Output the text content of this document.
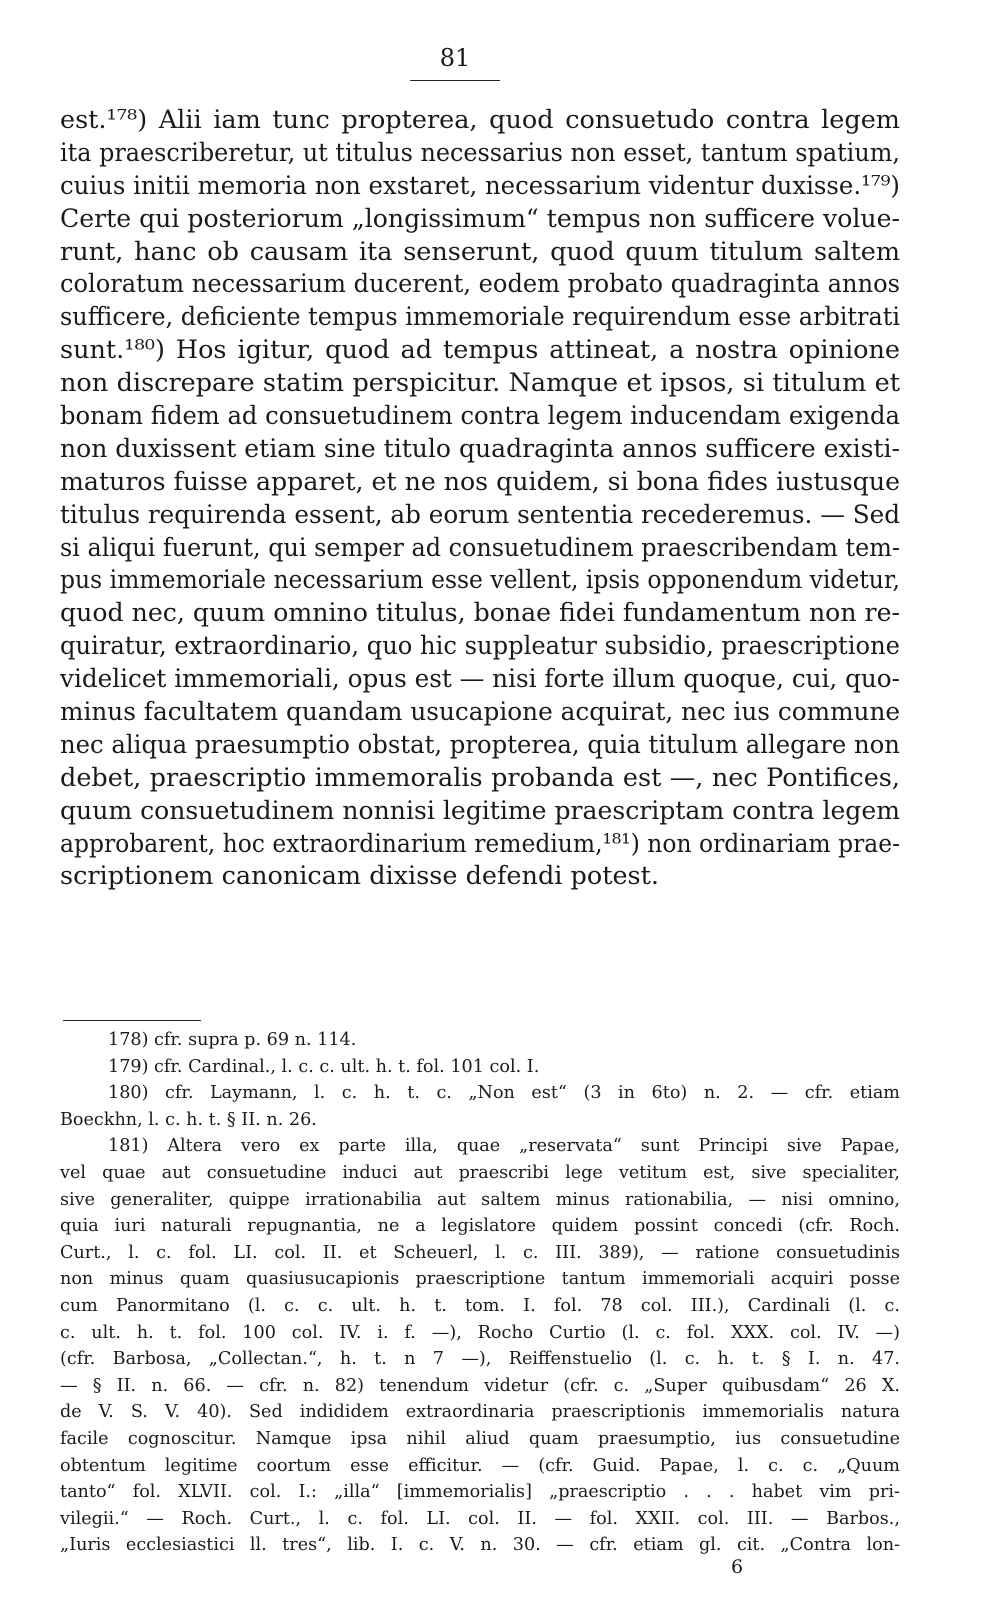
81
est.¹⁷⁸) Alii iam tunc propterea, quod consuetudo contra legem
ita praescriberetur, ut titulus necessarius non esset, tantum spatium,
cuius initii memoria non exstaret, necessarium videntur duxisse.¹⁷⁹)
Certe qui posteriorum „longissimum“ tempus non sufficere volue-
runt, hanc ob causam ita senserunt, quod quum titulum saltem
coloratum necessarium ducerent, eodem probato quadraginta annos
sufficere, deficiente tempus immemoriale requirendum esse arbitrati
sunt.¹⁸⁰) Hos igitur, quod ad tempus attineat, a nostra opinione
non discrepare statim perspicitur. Namque et ipsos, si titulum et
bonam fidem ad consuetudinem contra legem inducendam exigenda
non duxissent etiam sine titulo quadraginta annos sufficere existi-
maturos fuisse apparet, et ne nos quidem, si bona fides iustusque
titulus requirenda essent, ab eorum sententia recederemus. — Sed
si aliqui fuerunt, qui semper ad consuetudinem praescribendam tem-
pus immemoriale necessarium esse vellent, ipsis opponendum videtur,
quod nec, quum omnino titulus, bonae fidei fundamentum non re-
quiratur, extraordinario, quo hic suppleatur subsidio, praescriptione
videlicet immemoriali, opus est — nisi forte illum quoque, cui, quo-
minus facultatem quandam usucapione acquirat, nec ius commune
nec aliqua praesumptio obstat, propterea, quia titulum allegare non
debet, praescriptio immemoralis probanda est —, nec Pontifices,
quum consuetudinem nonnisi legitime praescriptam contra legem
approbarent, hoc extraordinarium remedium,¹⁸¹) non ordinariam prae-
scriptionem canonicam dixisse defendi potest.
178) cfr. supra p. 69 n. 114.
179) cfr. Cardinal., l. c. c. ult. h. t. fol. 101 col. I.
180) cfr. Laymann, l. c. h. t. c. „Non est“ (3 in 6to) n. 2. — cfr. etiam
Boeckhn, l. c. h. t. § II. n. 26.
181) Altera vero ex parte illa, quae „reservata“ sunt Principi sive Papae,
vel quae aut consuetudine induci aut praescribi lege vetitum est, sive specialiter,
sive generaliter, quippe irrationabilia aut saltem minus rationabilia, — nisi omnino,
quia iuri naturali repugnantia, ne a legislatore quidem possint concedi (cfr. Roch.
Curt., l. c. fol. LI. col. II. et Scheuerl, l. c. III. 389), — ratione consuetudinis
non minus quam quasiusucapionis praescriptione tantum immemoriali acquiri posse
cum Panormitano (l. c. c. ult. h. t. tom. I. fol. 78 col. III.), Cardinali (l. c.
c. ult. h. t. fol. 100 col. IV. i. f. —), Rocho Curtio (l. c. fol. XXX. col. IV. —)
(cfr. Barbosa, „Collectan.“, h. t. n 7 —), Reiffenstuelio (l. c. h. t. § I. n. 47.
— § II. n. 66. — cfr. n. 82) tenendum videtur (cfr. c. „Super quibusdam“ 26 X.
de V. S. V. 40). Sed indididem extraordinaria praescriptionis immemorialis natura
facile cognoscitur. Namque ipsa nihil aliud quam praesumptio, ius consuetudine
obtentum legitime coortum esse efficitur. — (cfr. Guid. Papae, l. c. c. „Quum
tanto“ fol. XLVII. col. I.: „illa“ [immemorialis] „praescriptio . . . habet vim pri-
vilegii.“ — Roch. Curt., l. c. fol. LI. col. II. — fol. XXII. col. III. — Barbos.,
„Iuris ecclesiastici ll. tres“, lib. I. c. V. n. 30. — cfr. etiam gl. cit. „Contra lon-
6
